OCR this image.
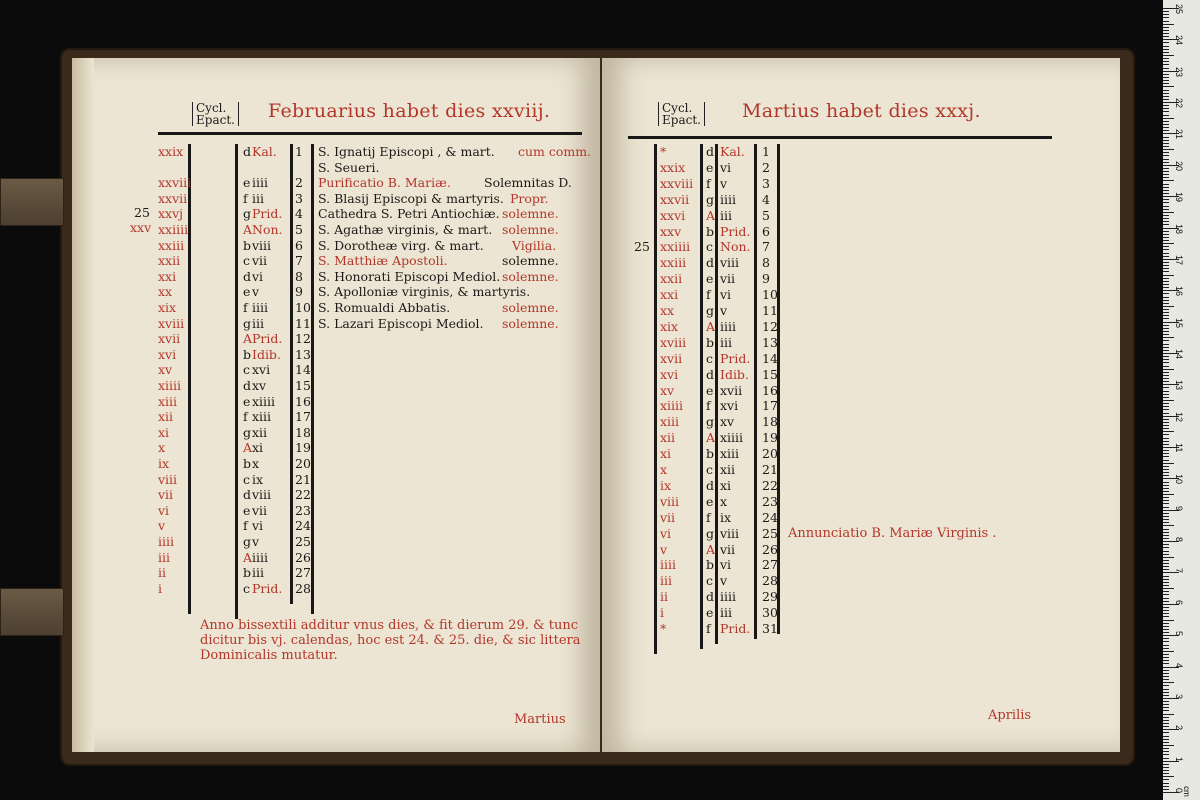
Cycl.
Epact. Februarius habet dies xxviij.
xxix	d Kal. 1 S. Ignatij Episcopi , & mart. cum comm.
S. Seueri.
xxviii	e iiii 2 Purificatio B. Mariæ.	Solemnitas D.
xxvii	f iii 3 S. Blasij Episcopi & martyris. Propr.
xxvj	g Prid. 4 Cathedra S. Petri Antiochiæ. solemne.
xxiiii	A Non. 5 S. Agathæ virginis, & mart. solemne.
xxiii	b viii 6 S. Dorotheæ virg. & mart. Vigilia.
xxii	c vii 7 S. Matthiæ Apostoli.	solemne.
xxi	d vi	8 S. Honorati Episcopi Mediol. solemne.
xx	e v	9 S. Apolloniæ virginis, & martyris.
xix	f iiii 10 S. Romualdi Abbatis.	solemne.
xviii	g iii 11 S. Lazari Episcopi Mediol. solemne.
xvii	A Prid. 12
xvi	b Idib. 13
xv	c xvi 14
xiiii	d xv 15
xiii	e xiiii 16
xii	f xiii 17
xi	g xii 18
x	A xi	19
ix	b x	20
viii	c ix	21
vii	d viii 22
vi	e vii 23
v	f vi	24
iiii	g v	25
iii	A iiii 26
ii	b iii 27
i	c Prid. 28
25
xxv
Anno bissextili additur vnus dies, & fit dierum 29. & tunc
dicitur bis vj. calendas, hoc est 24. & 25. die, & sic littera
Dominicalis mutatur.
Martius
Cycl.
Epact. Martius habet dies xxxj.
*	d Kal. 1
xxix e vi 2
xxviii f v	3
xxvii g iiii 4
xxvi A iii 5
xxv b Prid. 6
xxiiii c Non. 7
xxiii d viii 8
xxii e vii 9
xxi f vi 10
xx	g v	11
xix A iiii 12
xviii b iii 13
xvii c Prid. 14
xvi d Idib. 15
xv	e xvii 16
xiiii f xvi 17
xiii g xv 18
xii A xiiii 19
xi	b xiii 20
x	c xii 21
ix	d xi 22
viii e x	23
vii f ix 24
vi	g viii 25
v	A vii 26
iiii b vi 27
iii	c v	28
ii	d iiii 29
i	e iii 30
*	f Prid. 31
25
Annunciatio B. Mariæ Virginis .
Aprilis
cm
25
24
23
22
21
20
19
18
17
16
15
14
13
12
11
10
9
8
7
6
5
4
3
2
1
0
